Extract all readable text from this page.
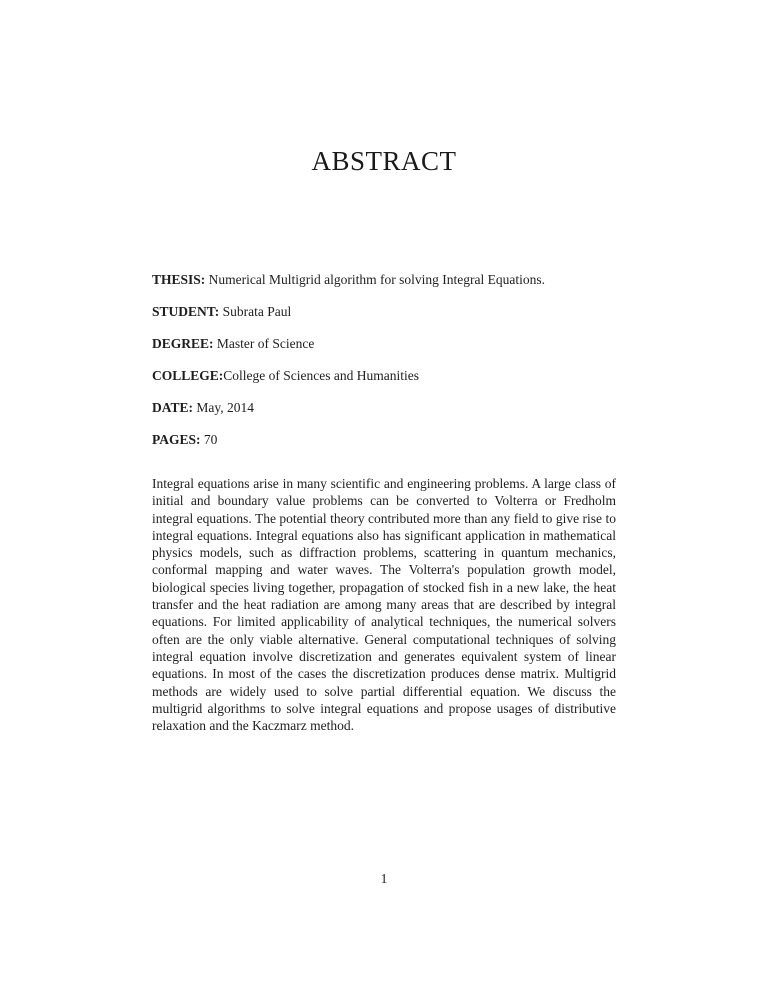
ABSTRACT

THESIS: Numerical Multigrid algorithm for solving Integral Equations.

STUDENT: Subrata Paul

DEGREE: Master of Science

COLLEGE:College of Sciences and Humanities

DATE: May, 2014

PAGES: 70

Integral equations arise in many scientific and engineering problems. A large class of initial and boundary value problems can be converted to Volterra or Fredholm integral equations. The potential theory contributed more than any field to give rise to integral equations. Integral equations also has significant application in mathematical physics models, such as diffraction problems, scattering in quantum mechanics, conformal mapping and water waves. The Volterra's population growth model, biological species living together, propagation of stocked fish in a new lake, the heat transfer and the heat radiation are among many areas that are described by integral equations. For limited applicability of analytical techniques, the numerical solvers often are the only viable alternative. General computational techniques of solving integral equation involve discretization and generates equivalent system of linear equations. In most of the cases the discretization produces dense matrix. Multigrid methods are widely used to solve partial differential equation. We discuss the multigrid algorithms to solve integral equations and propose usages of distributive relaxation and the Kaczmarz method.

1
